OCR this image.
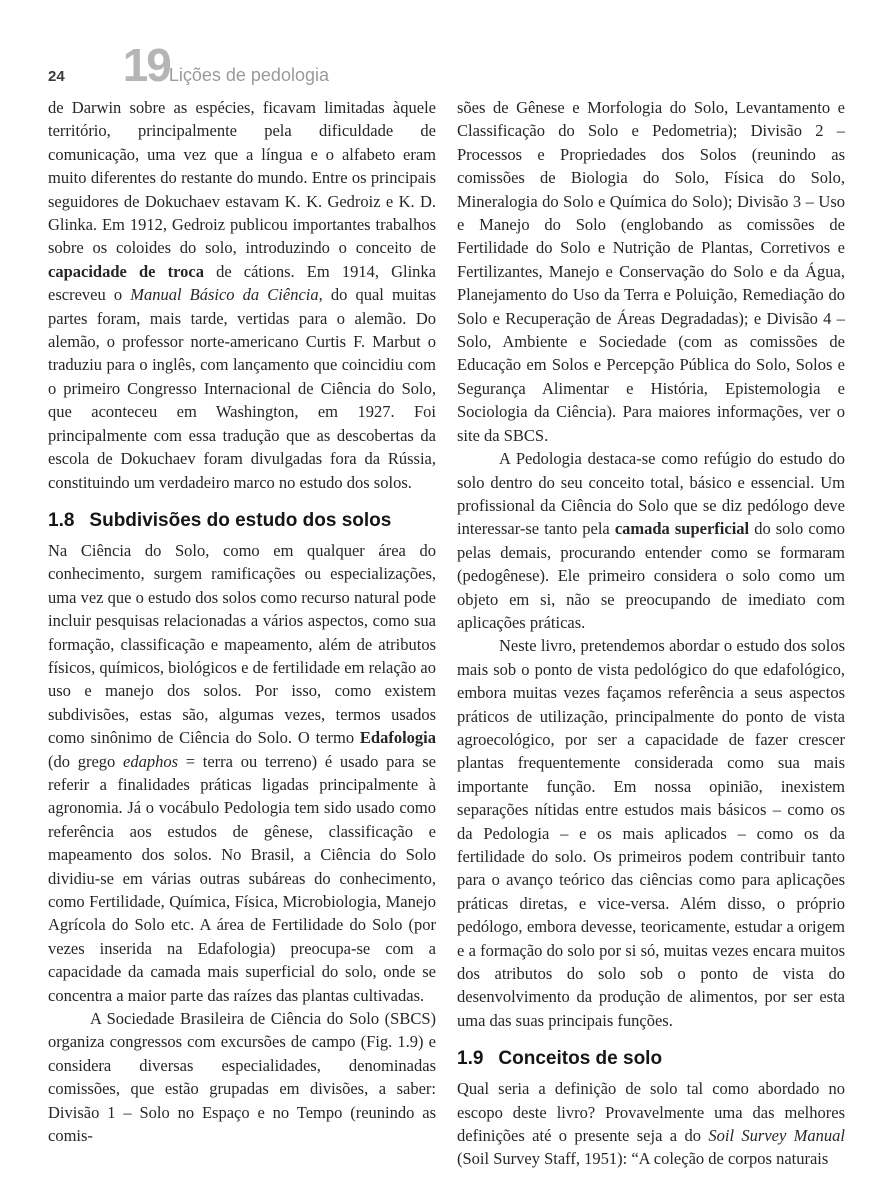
24 19 Lições de pedologia

de Darwin sobre as espécies, ficavam limitadas àquele território, principalmente pela dificuldade de comunicação, uma vez que a língua e o alfabeto eram muito diferentes do restante do mundo. Entre os principais seguidores de Dokuchaev estavam K. K. Gedroiz e K. D. Glinka. Em 1912, Gedroiz publicou importantes trabalhos sobre os coloides do solo, introduzindo o conceito de capacidade de troca de cátions. Em 1914, Glinka escreveu o Manual Básico da Ciência, do qual muitas partes foram, mais tarde, vertidas para o alemão. Do alemão, o professor norte-americano Curtis F. Marbut o traduziu para o inglês, com lançamento que coincidiu com o primeiro Congresso Internacional de Ciência do Solo, que aconteceu em Washington, em 1927. Foi principalmente com essa tradução que as descobertas da escola de Dokuchaev foram divulgadas fora da Rússia, constituindo um verdadeiro marco no estudo dos solos.

1.8 Subdivisões do estudo dos solos

Na Ciência do Solo, como em qualquer área do conhecimento, surgem ramificações ou especializações, uma vez que o estudo dos solos como recurso natural pode incluir pesquisas relacionadas a vários aspectos, como sua formação, classificação e mapeamento, além de atributos físicos, químicos, biológicos e de fertilidade em relação ao uso e manejo dos solos. Por isso, como existem subdivisões, estas são, algumas vezes, termos usados como sinônimo de Ciência do Solo. O termo Edafologia (do grego edaphos = terra ou terreno) é usado para se referir a finalidades práticas ligadas principalmente à agronomia. Já o vocábulo Pedologia tem sido usado como referência aos estudos de gênese, classificação e mapeamento dos solos. No Brasil, a Ciência do Solo dividiu-se em várias outras subáreas do conhecimento, como Fertilidade, Química, Física, Microbiologia, Manejo Agrícola do Solo etc. A área de Fertilidade do Solo (por vezes inserida na Edafologia) preocupa-se com a capacidade da camada mais superficial do solo, onde se concentra a maior parte das raízes das plantas cultivadas.

A Sociedade Brasileira de Ciência do Solo (SBCS) organiza congressos com excursões de campo (Fig. 1.9) e considera diversas especialidades, denominadas comissões, que estão grupadas em divisões, a saber: Divisão 1 – Solo no Espaço e no Tempo (reunindo as comis-

sões de Gênese e Morfologia do Solo, Levantamento e Classificação do Solo e Pedometria); Divisão 2 – Processos e Propriedades dos Solos (reunindo as comissões de Biologia do Solo, Física do Solo, Mineralogia do Solo e Química do Solo); Divisão 3 – Uso e Manejo do Solo (englobando as comissões de Fertilidade do Solo e Nutrição de Plantas, Corretivos e Fertilizantes, Manejo e Conservação do Solo e da Água, Planejamento do Uso da Terra e Poluição, Remediação do Solo e Recuperação de Áreas Degradadas); e Divisão 4 – Solo, Ambiente e Sociedade (com as comissões de Educação em Solos e Percepção Pública do Solo, Solos e Segurança Alimentar e História, Epistemologia e Sociologia da Ciência). Para maiores informações, ver o site da SBCS.

A Pedologia destaca-se como refúgio do estudo do solo dentro do seu conceito total, básico e essencial. Um profissional da Ciência do Solo que se diz pedólogo deve interessar-se tanto pela camada superficial do solo como pelas demais, procurando entender como se formaram (pedogênese). Ele primeiro considera o solo como um objeto em si, não se preocupando de imediato com aplicações práticas.

Neste livro, pretendemos abordar o estudo dos solos mais sob o ponto de vista pedológico do que edafológico, embora muitas vezes façamos referência a seus aspectos práticos de utilização, principalmente do ponto de vista agroecológico, por ser a capacidade de fazer crescer plantas frequentemente considerada como sua mais importante função. Em nossa opinião, inexistem separações nítidas entre estudos mais básicos – como os da Pedologia – e os mais aplicados – como os da fertilidade do solo. Os primeiros podem contribuir tanto para o avanço teórico das ciências como para aplicações práticas diretas, e vice-versa. Além disso, o próprio pedólogo, embora devesse, teoricamente, estudar a origem e a formação do solo por si só, muitas vezes encara muitos dos atributos do solo sob o ponto de vista do desenvolvimento da produção de alimentos, por ser esta uma das suas principais funções.

1.9 Conceitos de solo

Qual seria a definição de solo tal como abordado no escopo deste livro? Provavelmente uma das melhores definições até o presente seja a do Soil Survey Manual (Soil Survey Staff, 1951): “A coleção de corpos naturais
